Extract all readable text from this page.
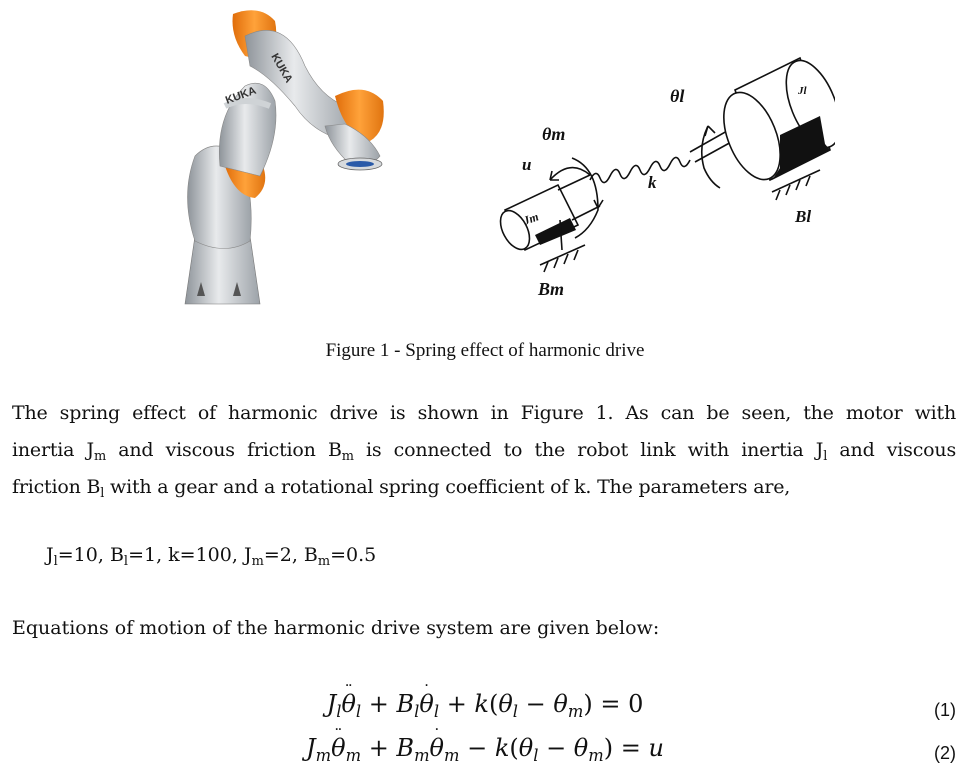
KUKA
KUKA
Jm
Bm
u
θm
k
θl	Jl
Bl
Figure 1 - Spring effect of harmonic drive
The spring effect of harmonic drive is shown in Figure 1. As can be seen, the motor with
inertia $J_m$ and viscous friction $B_m$ is connected to the robot link with inertia $J_l$ and viscous
friction $B_l$ with a gear and a rotational spring coefficient of k. The parameters are,
$J_l=10$, $B_l=1$, k=100, $J_m=2$, $B_m=0.5$
Equations of motion of the harmonic drive system are given below:
$J_l¨$ $\theta_l$ + $B_l˙$ $\theta_l + k(\theta_l - \theta_m) = 0$	(1)
$J_m¨$ $\theta_m$ + $B_m˙$ $\theta_m - k(\theta_l - \theta_m) = u$	(2)
